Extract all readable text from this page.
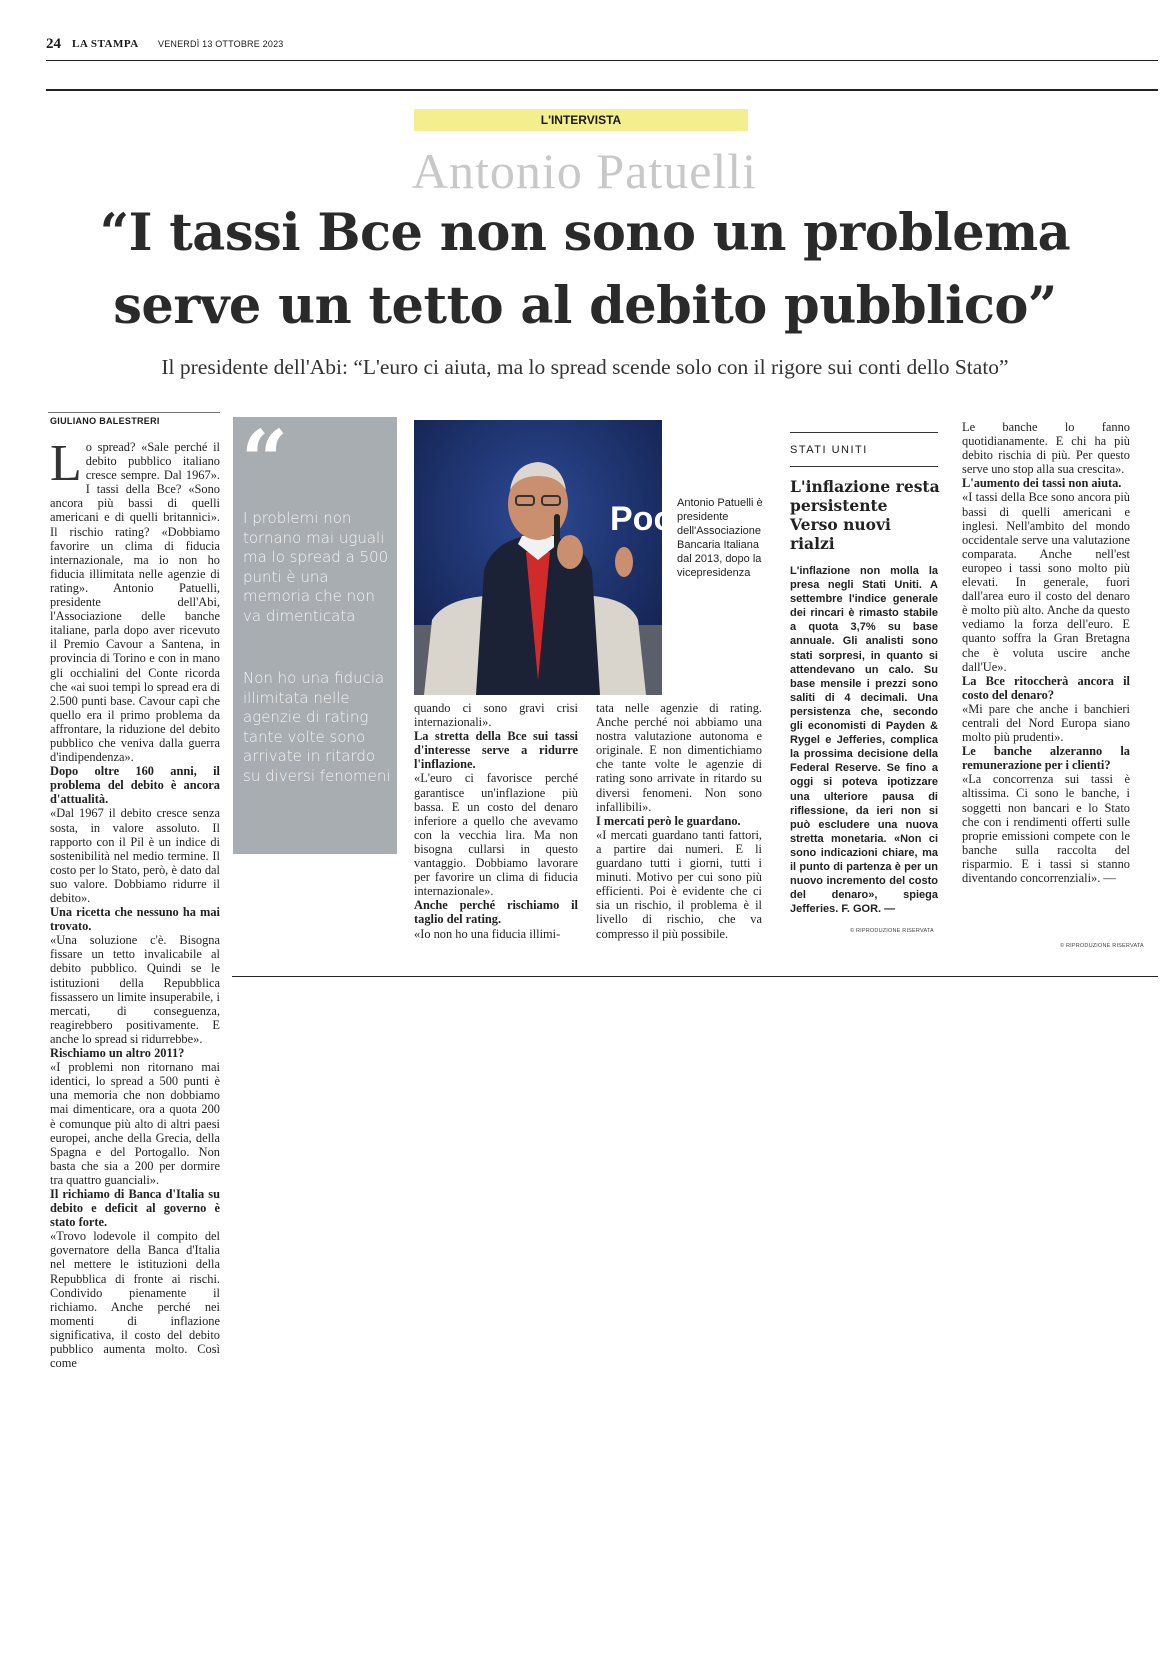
24 LA STAMPA VENERDÌ 13 OTTOBRE 2023
L'INTERVISTA
Antonio Patuelli
“I tassi Bce non sono un problema
serve un tetto al debito pubblico”
Il presidente dell'Abi: “L'euro ci aiuta, ma lo spread scende solo con il rigore sui conti dello Stato”
GIULIANO BALESTRERI
L o spread? «Sale perché il debito pubblico italiano cresce sempre. Dal 1967». I tassi della Bce? «Sono ancora più bassi di quelli americani e di quelli britannici». Il rischio rating? «Dobbiamo favorire un clima di fiducia internazionale, ma io non ho fiducia illimitata nelle agenzie di rating». Antonio Patuelli, presidente dell'Abi, l'Associazione delle banche italiane, parla dopo aver ricevuto il Premio Cavour a Santena, in provincia di Torino e con in mano gli occhialini del Conte ricorda che «ai suoi tempi lo spread era di 2.500 punti base. Cavour capì che quello era il primo problema da affrontare, la riduzione del debito pubblico che veniva dalla guerra d'indipendenza».

Dopo oltre 160 anni, il problema del debito è ancora d'attualità.

«Dal 1967 il debito cresce senza sosta, in valore assoluto. Il rapporto con il Pil è un indice di sostenibilità nel medio termine. Il costo per lo Stato, però, è dato dal suo valore. Dobbiamo ridurre il debito».

Una ricetta che nessuno ha mai trovato.

«Una soluzione c'è. Bisogna fissare un tetto invalicabile al debito pubblico. Quindi se le istituzioni della Repubblica fissassero un limite insuperabile, i mercati, di conseguenza, reagirebbero positivamente. E anche lo spread si ridurrebbe».

Rischiamo un altro 2011?

«I problemi non ritornano mai identici, lo spread a 500 punti è una memoria che non dobbiamo mai dimenticare, ora a quota 200 è comunque più alto di altri paesi europei, anche della Grecia, della Spagna e del Portogallo. Non basta che sia a 200 per dormire tra quattro guanciali».

Il richiamo di Banca d'Italia su debito e deficit al governo è stato forte.

«Trovo lodevole il compito del governatore della Banca d'Italia nel mettere le istituzioni della Repubblica di fronte ai rischi. Condivido pienamente il richiamo. Anche perché nei momenti di inflazione significativa, il costo del debito pubblico aumenta molto. Così come

“
I problemi non tornano mai uguali ma lo spread a 500 punti è una memoria che non va dimenticata
Non ho una fiducia illimitata nelle agenzie di rating tante volte sono arrivate in ritardo su diversi fenomeni
Poo Antonio Patuelli è presidente dell'Associazione Bancaria Italiana dal 2013, dopo la vicepresidenza

quando ci sono gravi crisi internazionali».

La stretta della Bce sui tassi d'interesse serve a ridurre l'inflazione.

«L'euro ci favorisce perché garantisce un'inflazione più bassa. E un costo del denaro inferiore a quello che avevamo con la vecchia lira. Ma non bisogna cullarsi in questo vantaggio. Dobbiamo lavorare per favorire un clima di fiducia internazionale».

Anche perché rischiamo il taglio del rating.

«Io non ho una fiducia illimi-

tata nelle agenzie di rating. Anche perché noi abbiamo una nostra valutazione autonoma e originale. E non dimentichiamo che tante volte le agenzie di rating sono arrivate in ritardo su diversi fenomeni. Non sono infallibili».

I mercati però le guardano.

«I mercati guardano tanti fattori, a partire dai numeri. E li guardano tutti i giorni, tutti i minuti. Motivo per cui sono più efficienti. Poi è evidente che ci sia un rischio, il problema è il livello di rischio, che va compresso il più possibile.

STATI UNITI
L'inflazione resta persistente Verso nuovi rialzi
L'inflazione non molla la presa negli Stati Uniti. A settembre l'indice generale dei rincari è rimasto stabile a quota 3,7% su base annuale. Gli analisti sono stati sorpresi, in quanto si attendevano un calo. Su base mensile i prezzi sono saliti di 4 decimali. Una persistenza che, secondo gli economisti di Payden & Rygel e Jefferies, complica la prossima decisione della Federal Reserve. Se fino a oggi si poteva ipotizzare una ulteriore pausa di riflessione, da ieri non si può escludere una nuova stretta monetaria. «Non ci sono indicazioni chiare, ma il punto di partenza è per un nuovo incremento del costo del denaro», spiega Jefferies. F. GOR. —
© RIPRODUZIONE RISERVATA

Le banche lo fanno quotidianamente. E chi ha più debito rischia di più. Per questo serve uno stop alla sua crescita».

L'aumento dei tassi non aiuta.

«I tassi della Bce sono ancora più bassi di quelli americani e inglesi. Nell'ambito del mondo occidentale serve una valutazione comparata. Anche nell'est europeo i tassi sono molto più elevati. In generale, fuori dall'area euro il costo del denaro è molto più alto. Anche da questo vediamo la forza dell'euro. E quanto soffra la Gran Bretagna che è voluta uscire anche dall'Ue».

La Bce ritoccherà ancora il costo del denaro?

«Mi pare che anche i banchieri centrali del Nord Europa siano molto più prudenti».

Le banche alzeranno la remunerazione per i clienti?

«La concorrenza sui tassi è altissima. Ci sono le banche, i soggetti non bancari e lo Stato che con i rendimenti offerti sulle proprie emissioni compete con le banche sulla raccolta del risparmio. E i tassi si stanno diventando concorrenziali». —

© RIPRODUZIONE RISERVATA
